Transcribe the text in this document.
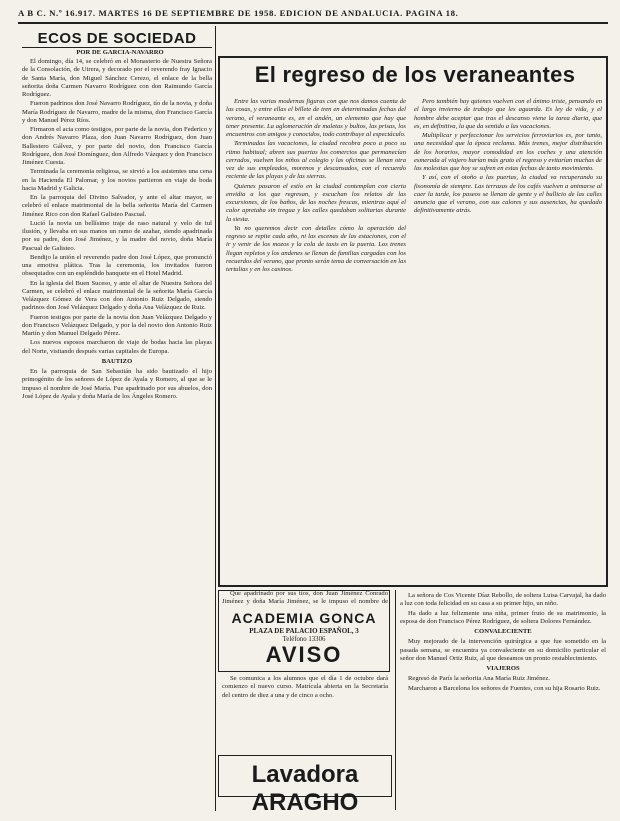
A B C. N.º 16.917. MARTES 16 DE SEPTIEMBRE DE 1958. EDICION DE ANDALUCIA. PAGINA 18.
ECOS DE SOCIEDAD
POR DE GARCIA-NAVARRO

El domingo, día 14, se celebró en el Monasterio de Nuestra Señora de la Consolación, de Utrera, y decorado por el reverendo fray Ignacio de Santa María, don Miguel Sánchez Cerezo, el enlace de la bella señorita doña Carmen Navarro Rodríguez con don Raimundo García Rodríguez.

Fueron padrinos don José Navarro Rodríguez, tío de la novia, y doña María Rodríguez de Navarro, madre de la misma, don Francisco García y don Manuel Pérez Ríos.

Firmaron el acta como testigos, por parte de la novia, don Federico y don Andrés Navarro Plaza, don Juan Navarro Rodríguez, don Juan Ballestero Gálvez, y por parte del novio, don Francisco García Rodríguez, don José Domínguez, don Alfredo Vázquez y don Francisco Jiménez Cuesta.

Terminada la ceremonia religiosa, se sirvió a los asistentes una cena en la Hacienda El Palomar, y los novios partieron en viaje de boda hacia Madrid y Galicia.

En la parroquia del Divino Salvador, y ante el altar mayor, se celebró el enlace matrimonial de la bella señorita María del Carmen Jiménez Rico con don Rafael Galisteo Pascual.

Lució la novia un bellísimo traje de raso natural y velo de tul ilusión, y llevaba en sus manos un ramo de azahar, siendo apadrinada por su padre, don José Jiménez, y la madre del novio, doña María Pascual de Galisteo.

Bendijo la unión el reverendo padre don José López, que pronunció una emotiva plática. Tras la ceremonia, los invitados fueron obsequiados con un espléndido banquete en el Hotel Madrid.

En la iglesia del Buen Suceso, y ante el altar de Nuestra Señora del Carmen, se celebró el enlace matrimonial de la señorita María García Velázquez Gómez de Vera con don Antonio Ruiz Delgado, siendo padrinos don José Velázquez Delgado y doña Ana Velázquez de Ruiz.

Fueron testigos por parte de la novia don Juan Velázquez Delgado y don Francisco Velázquez Delgado, y por la del novio don Antonio Ruiz Martín y don Manuel Delgado Pérez.

Los nuevos esposos marcharon de viaje de bodas hacia las playas del Norte, visitando después varias capitales de Europa.

BAUTIZO

En la parroquia de San Sebastián ha sido bautizado el hijo primogénito de los señores de López de Ayala y Romero, al que se le impuso el nombre de José María. Fue apadrinado por sus abuelos, don José López de Ayala y doña María de los Ángeles Romero.

El regreso de los veraneantes

Entre las varias modernas figuras con que nos damos cuenta de las cosas, y entre ellas el billete de tren en determinadas fechas del verano, el veraneante es, en el andén, un elemento que hay que tener presente. La aglomeración de maletas y bultos, las prisas, los encuentros con amigos y conocidos, todo contribuye al espectáculo.

Terminadas las vacaciones, la ciudad recobra poco a poco su ritmo habitual; abren sus puertas los comercios que permanecían cerrados, vuelven los niños al colegio y las oficinas se llenan otra vez de sus empleados, morenos y descansados, con el recuerdo reciente de las playas y de las sierras.

Quienes pasaron el estío en la ciudad contemplan con cierta envidia a los que regresan, y escuchan los relatos de las excursiones, de los baños, de las noches frescas, mientras aquí el calor apretaba sin tregua y las calles quedaban solitarias durante la siesta.

Ya no queremos decir con detalles cómo la operación del regreso se repite cada año, ni las escenas de las estaciones, con el ir y venir de los mozos y la cola de taxis en la puerta. Los trenes llegan repletos y los andenes se llenan de familias cargadas con los recuerdos del verano, que pronto serán tema de conversación en las tertulias y en los casinos.

Pero también hay quienes vuelven con el ánimo triste, pensando en el largo invierno de trabajo que les aguarda. Es ley de vida, y el hombre debe aceptar que tras el descanso viene la tarea diaria, que es, en definitiva, la que da sentido a las vacaciones.

Multiplicar y perfeccionar los servicios ferroviarios es, por tanto, una necesidad que la época reclama. Más trenes, mejor distribución de los horarios, mayor comodidad en los coches y una atención esmerada al viajero harían más grato el regreso y evitarían muchas de las molestias que hoy se sufren en estas fechas de tanto movimiento.

Y así, con el otoño a las puertas, la ciudad va recuperando su fisonomía de siempre. Las terrazas de los cafés vuelven a animarse al caer la tarde, los paseos se llenan de gente y el bullicio de las calles anuncia que el verano, con sus calores y sus ausencias, ha quedado definitivamente atrás.

Que apadrinado por sus tíos, don Juan Jiménez Conrado Jiménez y doña María Jiménez, se le impuso el nombre de

ACADEMIA GONCA
PLAZA DE PALACIO ESPAÑOL, 3
Teléfono 13306
AVISO

Se comunica a los alumnos que el día 1 de octubre dará comienzo el nuevo curso. Matrícula abierta en la Secretaría del centro de diez a una y de cinco a ocho.

Lavadora ARAGHO

La señora de Cos Vicente Díaz Rebollo, de soltera Luisa Carvajal, ha dado a luz con toda felicidad en su casa a su primer hijo, un niño.

Ha dado a luz felizmente una niña, primer fruto de su matrimonio, la esposa de don Francisco Pérez Rodríguez, de soltera Dolores Fernández.

CONVALECIENTE

Muy mejorado de la intervención quirúrgica a que fue sometido en la pasada semana, se encuentra ya convaleciente en su domicilio particular el señor don Manuel Ortiz Ruiz, al que deseamos un pronto restablecimiento.

VIAJEROS

Regresó de París la señorita Ana María Ruiz Jiménez.

Marcharon a Barcelona los señores de Fuentes, con su hija Rosario Ruiz.
